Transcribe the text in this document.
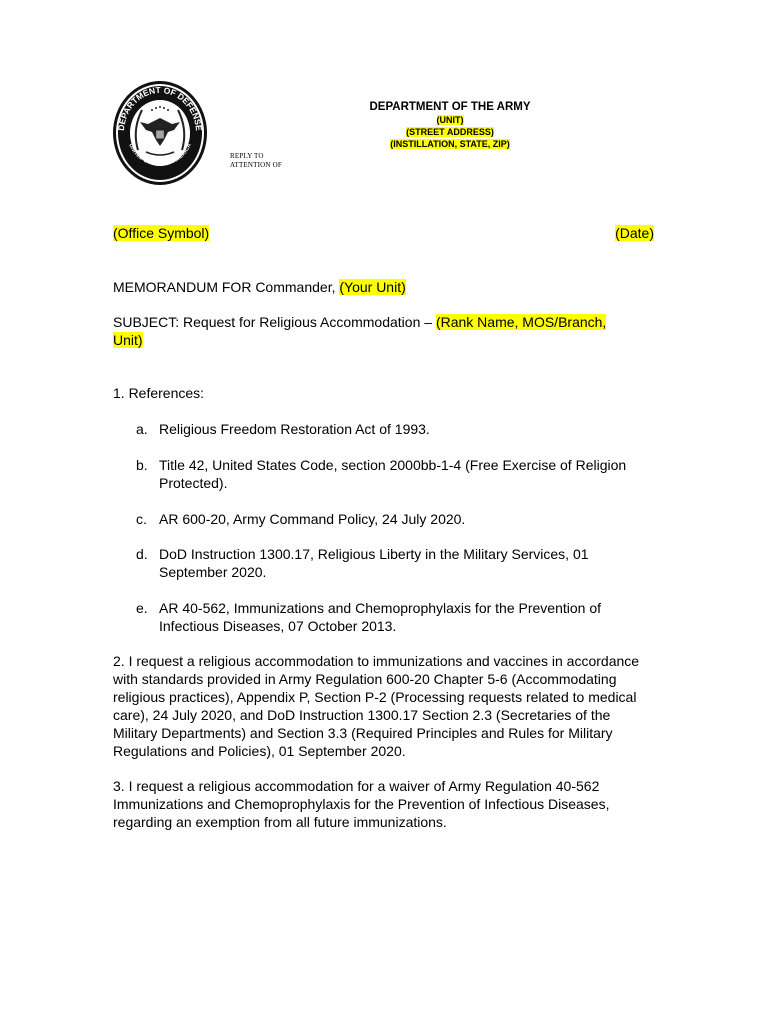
DEPARTMENT OF DEFENSE
UNITED STATES OF AMERICA
REPLY TO
ATTENTION OF
DEPARTMENT OF THE ARMY
(UNIT)
(STREET ADDRESS)
(INSTILLATION, STATE, ZIP)
(Office Symbol)	(Date)
MEMORANDUM FOR Commander, (Your Unit)
SUBJECT: Request for Religious Accommodation – (Rank Name, MOS/Branch,
Unit)
1. References:
a. Religious Freedom Restoration Act of 1993.
b. Title 42, United States Code, section 2000bb-1-4 (Free Exercise of Religion Protected).
c. AR 600-20, Army Command Policy, 24 July 2020.
d. DoD Instruction 1300.17, Religious Liberty in the Military Services, 01 September 2020.
e. AR 40-562, Immunizations and Chemoprophylaxis for the Prevention of Infectious Diseases, 07 October 2013.
2. I request a religious accommodation to immunizations and vaccines in accordance with standards provided in Army Regulation 600-20 Chapter 5-6 (Accommodating religious practices), Appendix P, Section P-2 (Processing requests related to medical care), 24 July 2020, and DoD Instruction 1300.17 Section 2.3 (Secretaries of the Military Departments) and Section 3.3 (Required Principles and Rules for Military Regulations and Policies), 01 September 2020.
3. I request a religious accommodation for a waiver of Army Regulation 40-562 Immunizations and Chemoprophylaxis for the Prevention of Infectious Diseases, regarding an exemption from all future immunizations.
